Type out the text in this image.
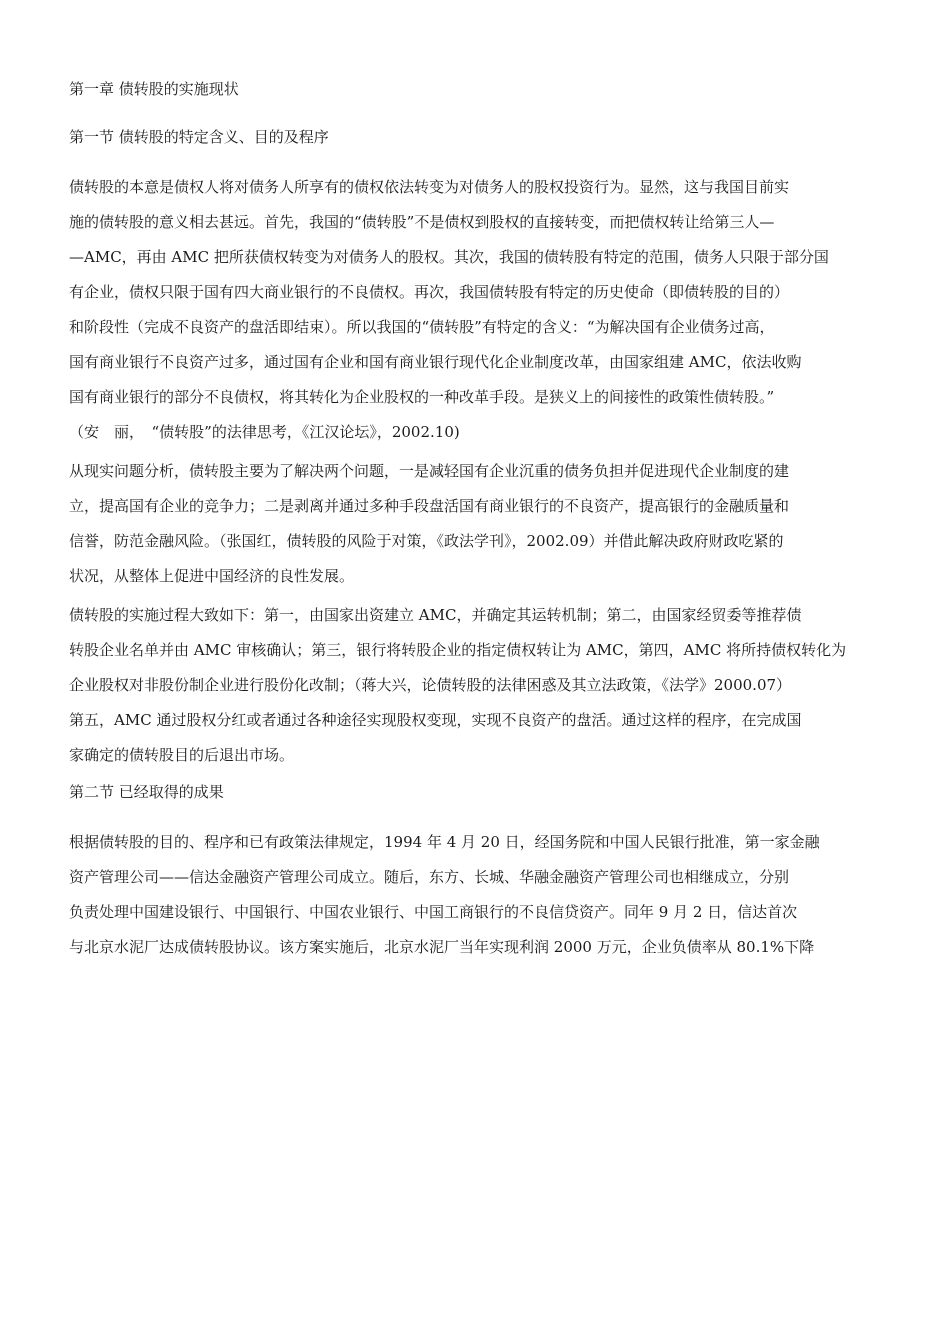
第一章 债转股的实施现状
第一节 债转股的特定含义、目的及程序
债转股的本意是债权人将对债务人所享有的债权依法转变为对债务人的股权投资行为。显然，这与我国目前实
施的债转股的意义相去甚远。首先，我国的“债转股”不是债权到股权的直接转变，而把债权转让给第三人—
—AMC，再由 AMC 把所获债权转变为对债务人的股权。其次，我国的债转股有特定的范围，债务人只限于部分国
有企业，债权只限于国有四大商业银行的不良债权。再次，我国债转股有特定的历史使命（即债转股的目的）
和阶段性（完成不良资产的盘活即结束）。所以我国的“债转股”有特定的含义：“为解决国有企业债务过高，
国有商业银行不良资产过多，通过国有企业和国有商业银行现代化企业制度改革，由国家组建 AMC，依法收购
国有商业银行的部分不良债权，将其转化为企业股权的一种改革手段。是狭义上的间接性的政策性债转股。”
（安　丽，　“债转股”的法律思考，《江汉论坛》，2002.10)
从现实问题分析，债转股主要为了解决两个问题，一是减轻国有企业沉重的债务负担并促进现代企业制度的建
立，提高国有企业的竞争力；二是剥离并通过多种手段盘活国有商业银行的不良资产，提高银行的金融质量和
信誉，防范金融风险。（张国红，债转股的风险于对策，《政法学刊》，2002.09）并借此解决政府财政吃紧的
状况，从整体上促进中国经济的良性发展。
债转股的实施过程大致如下：第一，由国家出资建立 AMC，并确定其运转机制；第二，由国家经贸委等推荐债
转股企业名单并由 AMC 审核确认；第三，银行将转股企业的指定债权转让为 AMC，第四，AMC 将所持债权转化为
企业股权对非股份制企业进行股份化改制；（蒋大兴，论债转股的法律困惑及其立法政策，《法学》2000.07）
第五，AMC 通过股权分红或者通过各种途径实现股权变现，实现不良资产的盘活。通过这样的程序，在完成国
家确定的债转股目的后退出市场。
第二节 已经取得的成果
根据债转股的目的、程序和已有政策法律规定，1994 年 4 月 20 日，经国务院和中国人民银行批准，第一家金融
资产管理公司——信达金融资产管理公司成立。随后，东方、长城、华融金融资产管理公司也相继成立，分别
负责处理中国建设银行、中国银行、中国农业银行、中国工商银行的不良信贷资产。同年 9 月 2 日，信达首次
与北京水泥厂达成债转股协议。该方案实施后，北京水泥厂当年实现利润 2000 万元，企业负债率从 80.1%下降
